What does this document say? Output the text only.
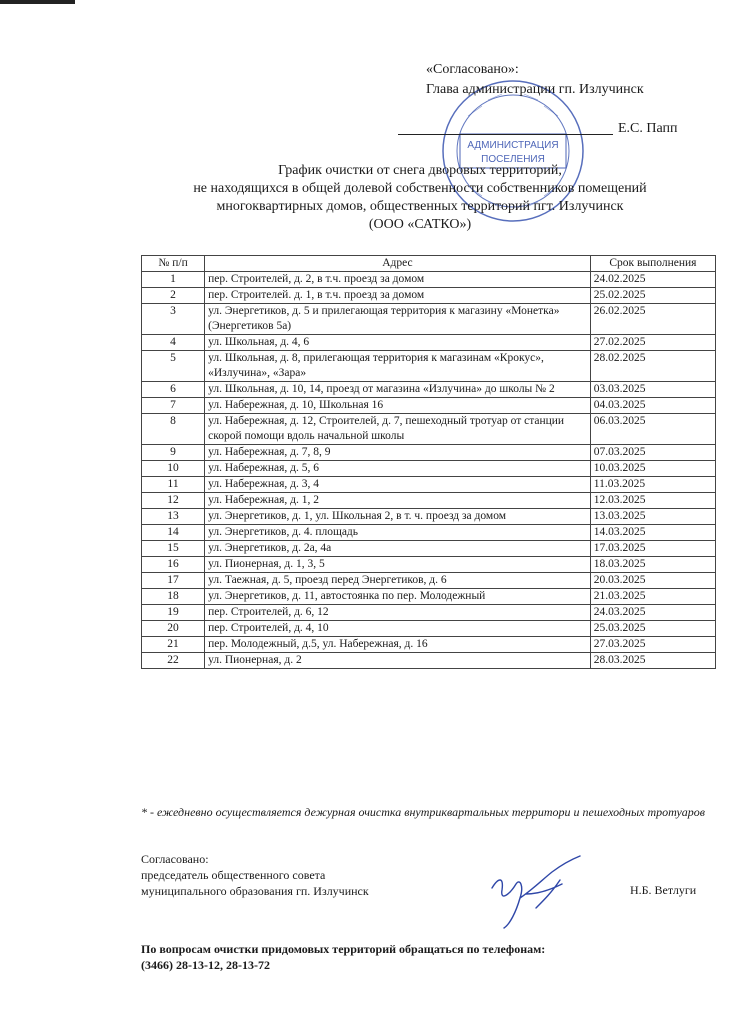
АДМИНИСТРАЦИЯ
ПОСЕЛЕНИЯ
«Согласовано»:
Глава администрации гп. Излучинск
Е.С. Папп
График очистки от снега дворовых территорий,
не находящихся в общей долевой собственности собственников помещений
многоквартирных домов, общественных территорий пгт. Излучинск
(ООО «САТКО»)
№ п/п	Адрес	Срок выполнения
1	пер. Строителей, д. 2, в т.ч. проезд за домом	24.02.2025
2	пер. Строителей. д. 1, в т.ч. проезд за домом	25.02.2025
3	ул. Энергетиков, д. 5 и прилегающая территория к магазину «Монетка» (Энергетиков 5а)	26.02.2025
4	ул. Школьная, д. 4, 6	27.02.2025
5	ул. Школьная, д. 8, прилегающая территория к магазинам «Крокус», «Излучина», «Зара»	28.02.2025
6	ул. Школьная, д. 10, 14, проезд от магазина «Излучина» до школы № 2	03.03.2025
7	ул. Набережная, д. 10, Школьная 16	04.03.2025
8	ул. Набережная, д. 12, Строителей, д. 7, пешеходный тротуар от станции скорой помощи вдоль начальной школы	06.03.2025
9	ул. Набережная, д. 7, 8, 9	07.03.2025
10	ул. Набережная, д. 5, 6	10.03.2025
11	ул. Набережная, д. 3, 4	11.03.2025
12	ул. Набережная, д. 1, 2	12.03.2025
13	ул. Энергетиков, д. 1, ул. Школьная 2, в т. ч. проезд за домом	13.03.2025
14	ул. Энергетиков, д. 4. площадь	14.03.2025
15	ул. Энергетиков, д. 2а, 4а	17.03.2025
16	ул. Пионерная, д. 1, 3, 5	18.03.2025
17	ул. Таежная, д. 5, проезд перед Энергетиков, д. 6	20.03.2025
18	ул. Энергетиков, д. 11, автостоянка по пер. Молодежный	21.03.2025
19	пер. Строителей, д. 6, 12	24.03.2025
20	пер. Строителей, д. 4, 10	25.03.2025
21	пер. Молодежный, д.5, ул. Набережная, д. 16	27.03.2025
22	ул. Пионерная, д. 2	28.03.2025
* - ежедневно осуществляется дежурная очистка внутриквартальных территори и пешеходных тротуаров
Согласовано:
председатель общественного совета
муниципального образования гп. Излучинск	Н.Б. Ветлуги
По вопросам очистки придомовых территорий обращаться по телефонам:
(3466) 28-13-12, 28-13-72
